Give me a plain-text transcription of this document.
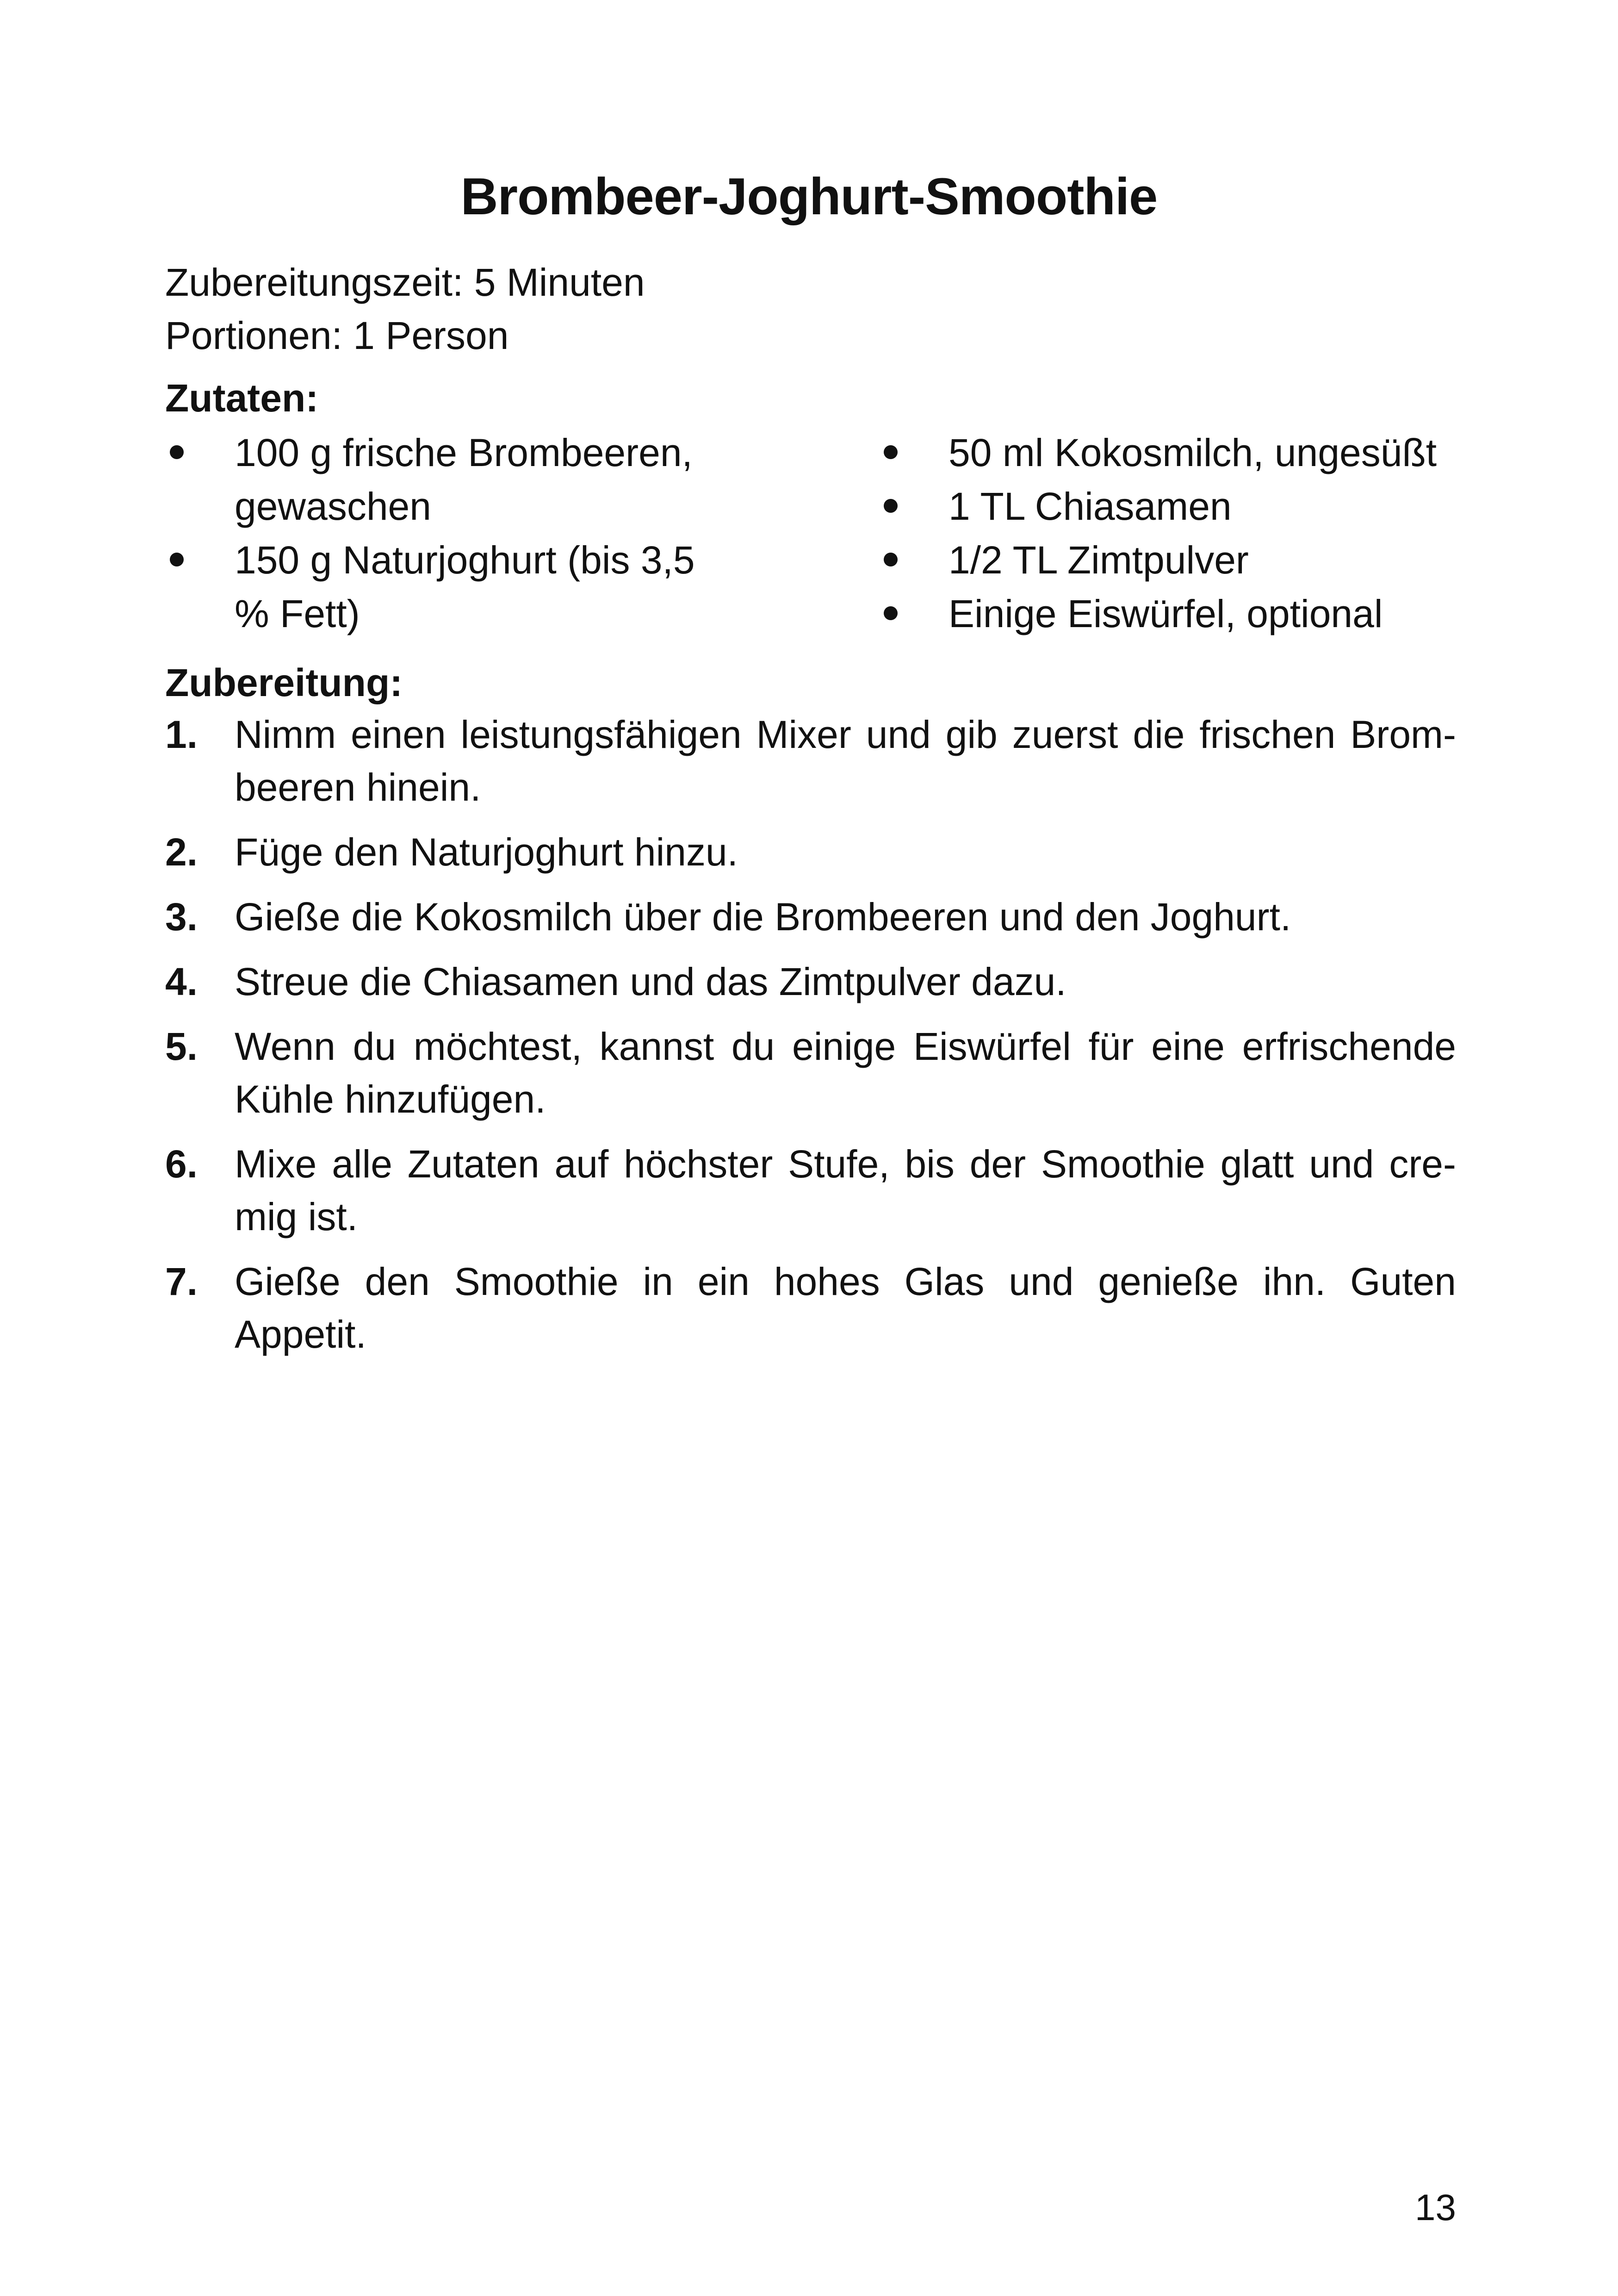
Brombeer-Joghurt-Smoothie
Zubereitungszeit: 5 Minuten
Portionen: 1 Person
Zutaten:
100 g frische Brombeeren, gewaschen
150 g Naturjoghurt (bis 3,5 % Fett)
50 ml Kokosmilch, ungesüßt
1 TL Chiasamen
1/2 TL Zimtpulver
Einige Eiswürfel, optional
Zubereitung:
1. Nimm einen leistungsfähigen Mixer und gib zuerst die frischen Brombeeren hinein.
2. Füge den Naturjoghurt hinzu.
3. Gieße die Kokosmilch über die Brombeeren und den Joghurt.
4. Streue die Chiasamen und das Zimtpulver dazu.
5. Wenn du möchtest, kannst du einige Eiswürfel für eine erfrischende Kühle hinzufügen.
6. Mixe alle Zutaten auf höchster Stufe, bis der Smoothie glatt und cremig ist.
7. Gieße den Smoothie in ein hohes Glas und genieße ihn. Guten Appetit.
13
